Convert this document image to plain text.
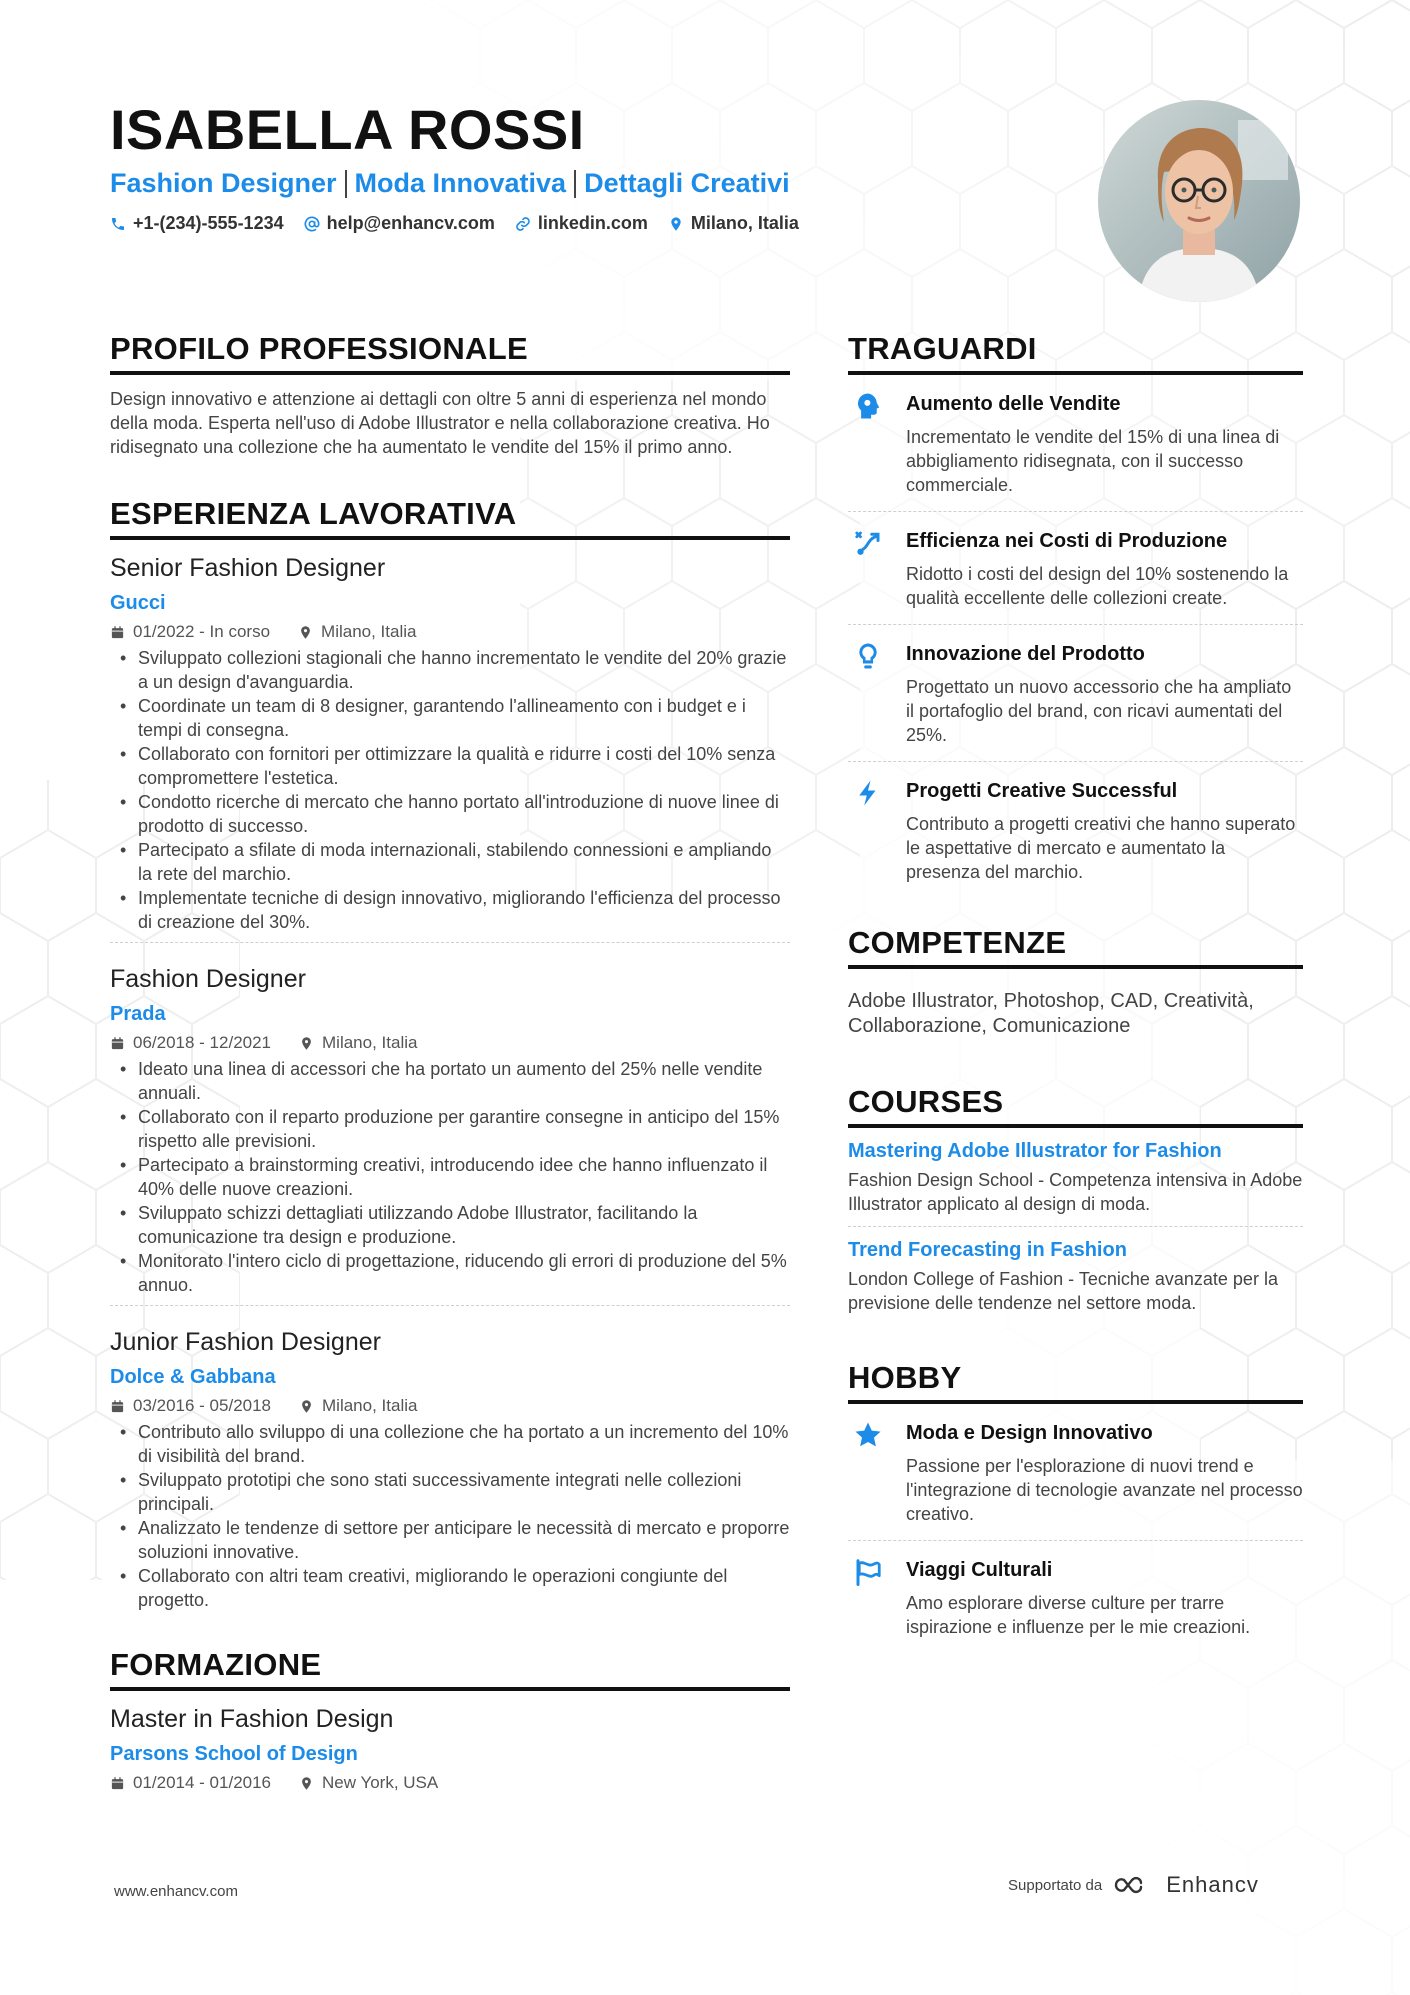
ISABELLA ROSSI
Fashion Designer Moda Innovativa Dettagli Creativi
+1-(234)-555-1234 help@enhancv.com linkedin.com Milano, Italia
PROFILO PROFESSIONALE
Design innovativo e attenzione ai dettagli con oltre 5 anni di esperienza nel mondo della moda. Esperta nell'uso di Adobe Illustrator e nella collaborazione creativa. Ho ridisegnato una collezione che ha aumentato le vendite del 15% il primo anno.
ESPERIENZA LAVORATIVA
Senior Fashion Designer
Gucci
01/2022 - In corso	Milano, Italia
• Sviluppato collezioni stagionali che hanno incrementato le vendite del 20% grazie a un design d'avanguardia.
• Coordinate un team di 8 designer, garantendo l'allineamento con i budget e i tempi di consegna.
• Collaborato con fornitori per ottimizzare la qualità e ridurre i costi del 10% senza compromettere l'estetica.
• Condotto ricerche di mercato che hanno portato all'introduzione di nuove linee di prodotto di successo.
• Partecipato a sfilate di moda internazionali, stabilendo connessioni e ampliando la rete del marchio.
• Implementate tecniche di design innovativo, migliorando l'efficienza del processo di creazione del 30%.
Fashion Designer
Prada
06/2018 - 12/2021	Milano, Italia
• Ideato una linea di accessori che ha portato un aumento del 25% nelle vendite annuali.
• Collaborato con il reparto produzione per garantire consegne in anticipo del 15% rispetto alle previsioni.
• Partecipato a brainstorming creativi, introducendo idee che hanno influenzato il 40% delle nuove creazioni.
• Sviluppato schizzi dettagliati utilizzando Adobe Illustrator, facilitando la comunicazione tra design e produzione.
• Monitorato l'intero ciclo di progettazione, riducendo gli errori di produzione del 5% annuo.
Junior Fashion Designer
Dolce & Gabbana
03/2016 - 05/2018	Milano, Italia
• Contributo allo sviluppo di una collezione che ha portato a un incremento del 10% di visibilità del brand.
• Sviluppato prototipi che sono stati successivamente integrati nelle collezioni principali.
• Analizzato le tendenze di settore per anticipare le necessità di mercato e proporre soluzioni innovative.
• Collaborato con altri team creativi, migliorando le operazioni congiunte del progetto.
FORMAZIONE
Master in Fashion Design
Parsons School of Design
01/2014 - 01/2016	New York, USA
TRAGUARDI
Aumento delle Vendite
Incrementato le vendite del 15% di una linea di abbigliamento ridisegnata, con il successo commerciale.
Efficienza nei Costi di Produzione
Ridotto i costi del design del 10% sostenendo la qualità eccellente delle collezioni create.
Innovazione del Prodotto
Progettato un nuovo accessorio che ha ampliato il portafoglio del brand, con ricavi aumentati del 25%.
Progetti Creative Successful
Contributo a progetti creativi che hanno superato le aspettative di mercato e aumentato la presenza del marchio.
COMPETENZE
Adobe Illustrator, Photoshop, CAD, Creatività, Collaborazione, Comunicazione
COURSES
Mastering Adobe Illustrator for Fashion
Fashion Design School - Competenza intensiva in Adobe Illustrator applicato al design di moda.
Trend Forecasting in Fashion
London College of Fashion - Tecniche avanzate per la previsione delle tendenze nel settore moda.
HOBBY
Moda e Design Innovativo
Passione per l'esplorazione di nuovi trend e l'integrazione di tecnologie avanzate nel processo creativo.
Viaggi Culturali
Amo esplorare diverse culture per trarre ispirazione e influenze per le mie creazioni.
www.enhancv.com	Supportato da	Enhancv
